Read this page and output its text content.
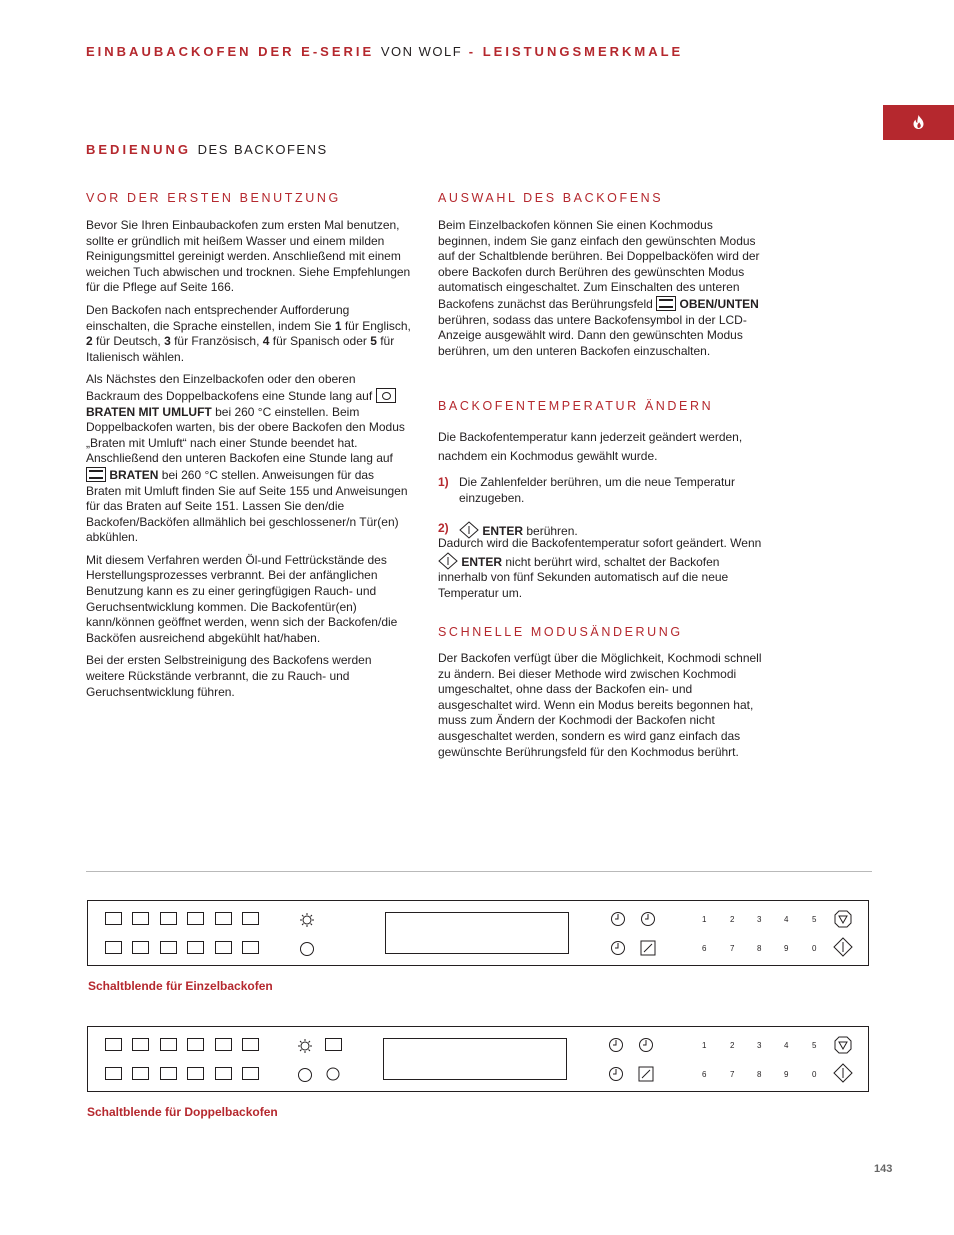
EINBAUBACKOFEN DER E-SERIE VON WOLF - LEISTUNGSMERKMALE
BEDIENUNG DES BACKOFENS
VOR DER ERSTEN BENUTZUNG

Bevor Sie Ihren Einbaubackofen zum ersten Mal benutzen, sollte er gründlich mit heißem Wasser und einem milden Reinigungsmittel gereinigt werden. Anschließend mit einem weichen Tuch abwischen und trocknen. Siehe Empfehlungen für die Pflege auf Seite 166.

Den Backofen nach entsprechender Aufforderung einschalten, die Sprache einstellen, indem Sie 1 für Englisch, 2 für Deutsch, 3 für Französisch, 4 für Spanisch oder 5 für Italienisch wählen.

Als Nächstes den Einzelbackofen oder den oberen Backraum des Doppelbackofens eine Stunde lang auf  BRATEN MIT UMLUFT bei 260 °C einstellen. Beim Doppelbackofen warten, bis der obere Backofen den Modus „Braten mit Umluft“ nach einer Stunde beendet hat. Anschließend den unteren Backofen eine Stunde lang auf  BRATEN bei 260 °C stellen. Anweisungen für das Braten mit Umluft finden Sie auf Seite 155 und Anweisungen für das Braten auf Seite 151. Lassen Sie den/die Backofen/Backöfen allmählich bei geschlossener/n Tür(en) abkühlen.

Mit diesem Verfahren werden Öl-und Fettrückstände des Herstellungsprozesses verbrannt. Bei der anfänglichen Benutzung kann es zu einer geringfügigen Rauch- und Geruchsentwicklung kommen. Die Backofentür(en) kann/können geöffnet werden, wenn sich der Backofen/die Backöfen ausreichend abgekühlt hat/haben.

Bei der ersten Selbstreinigung des Backofens werden weitere Rückstände verbrannt, die zu Rauch- und Geruchsentwicklung führen.

AUSWAHL DES BACKOFENS

Beim Einzelbackofen können Sie einen Kochmodus beginnen, indem Sie ganz einfach den gewünschten Modus auf der Schaltblende berühren. Bei Doppelbacköfen wird der obere Backofen durch Berühren des gewünschten Modus automatisch eingeschaltet. Zum Einschalten des unteren Backofens zunächst das Berührungsfeld  OBEN/UNTEN berühren, sodass das untere Backofensymbol in der LCD-Anzeige ausgewählt wird. Dann den gewünschten Modus berühren, um den unteren Backofen einzuschalten.

BACKOFENTEMPERATUR ÄNDERN
Die Backofentemperatur kann jederzeit geändert werden, nachdem ein Kochmodus gewählt wurde.
1) Die Zahlenfelder berühren, um die neue Temperatur einzugeben.
2)	ENTER berühren.

Dadurch wird die Backofentemperatur sofort geändert. Wenn  ENTER nicht berührt wird, schaltet der Backofen innerhalb von fünf Sekunden automatisch auf die neue Temperatur um.

SCHNELLE MODUSÄNDERUNG
Der Backofen verfügt über die Möglichkeit, Kochmodi schnell zu ändern. Bei dieser Methode wird zwischen Kochmodi umgeschaltet, ohne dass der Backofen ein- und ausgeschaltet wird. Wenn ein Modus bereits begonnen hat, muss zum Ändern der Kochmodi der Backofen nicht ausgeschaltet werden, sondern es wird ganz einfach das gewünschte Berührungsfeld für den Kochmodus berührt.
1	2	3	4	5
6	7	8	9	0
Schaltblende für Einzelbackofen
1	2	3	4	5
6	7	8	9	0
Schaltblende für Doppelbackofen
143
